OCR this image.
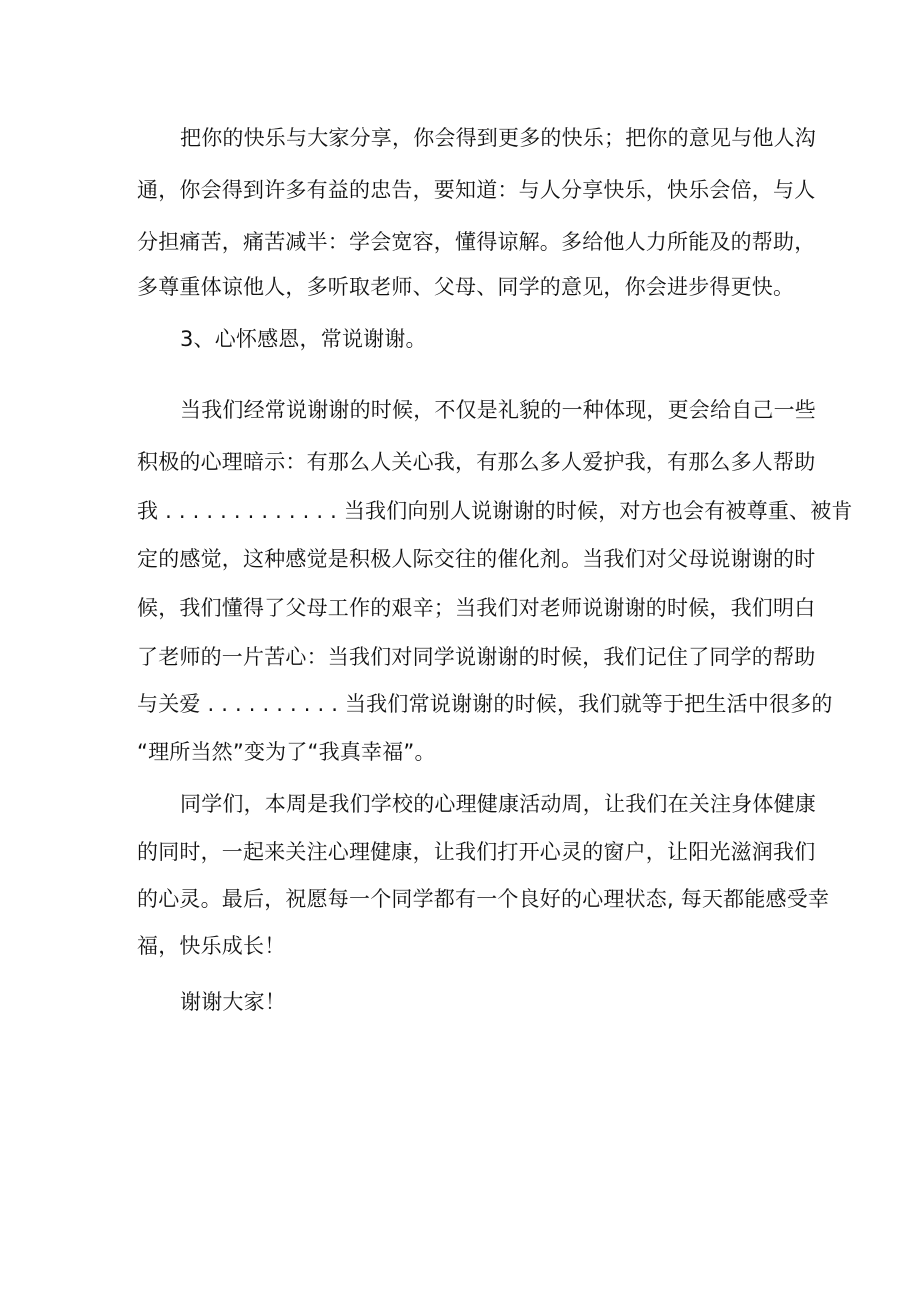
把你的快乐与大家分享，你会得到更多的快乐；把你的意见与他人沟
通，你会得到许多有益的忠告，要知道：与人分享快乐，快乐会倍，与人
分担痛苦，痛苦减半：学会宽容，懂得谅解。多给他人力所能及的帮助，
多尊重体谅他人，多听取老师、父母、同学的意见，你会进步得更快。
3、心怀感恩，常说谢谢。
当我们经常说谢谢的时候，不仅是礼貌的一种体现，更会给自己一些
积极的心理暗示：有那么人关心我，有那么多人爱护我，有那么多人帮助
我 . . . . . . . . . . . . . 当我们向别人说谢谢的时候，对方也会有被尊重、被肯
定的感觉，这种感觉是积极人际交往的催化剂。当我们对父母说谢谢的时
候，我们懂得了父母工作的艰辛；当我们对老师说谢谢的时候，我们明白
了老师的一片苦心：当我们对同学说谢谢的时候，我们记住了同学的帮助
与关爱 . . . . . . . . . . 当我们常说谢谢的时候，我们就等于把生活中很多的
“理所当然”变为了“我真幸福”。
同学们，本周是我们学校的心理健康活动周，让我们在关注身体健康
的同时，一起来关注心理健康，让我们打开心灵的窗户，让阳光滋润我们
的心灵。最后，祝愿每一个同学都有一个良好的心理状态, 每天都能感受幸
福，快乐成长！
谢谢大家！
